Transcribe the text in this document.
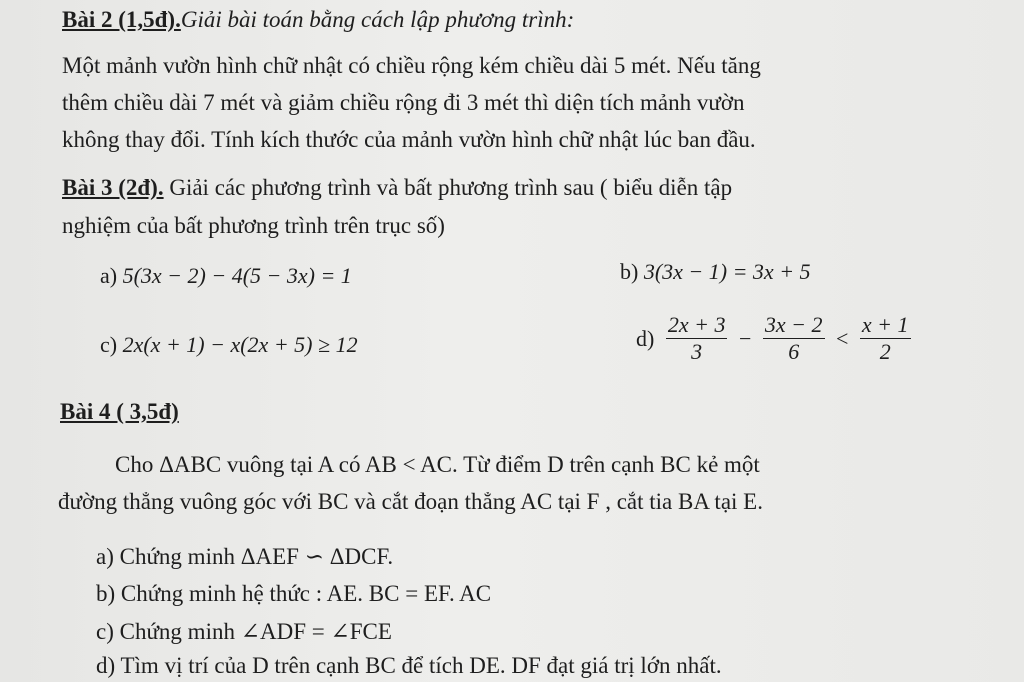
Bài 2 (1,5đ).Giải bài toán bằng cách lập phương trình:
Một mảnh vườn hình chữ nhật có chiều rộng kém chiều dài 5 mét. Nếu tăng
thêm chiều dài 7 mét và giảm chiều rộng đi 3 mét thì diện tích mảnh vườn
không thay đổi. Tính kích thước của mảnh vườn hình chữ nhật lúc ban đầu.
Bài 3 (2đ). Giải các phương trình và bất phương trình sau ( biểu diễn tập
nghiệm của bất phương trình trên trục số)
a) 5(3x − 2) − 4(5 − 3x) = 1	b) 3(3x − 1) = 3x + 5
c) 2x(x + 1) − x(2x + 5) ≥ 12	$d) \frac{2x + 3}{3} - \frac{3x - 2}{6} < \frac{x + 1}{2}$
Bài 4 ( 3,5đ)
Cho ΔABC vuông tại A có AB < AC. Từ điểm D trên cạnh BC kẻ một
đường thẳng vuông góc với BC và cắt đoạn thẳng AC tại F , cắt tia BA tại E.
a) Chứng minh ΔAEF ∽ ΔDCF.
b) Chứng minh hệ thức : AE. BC = EF. AC
c) Chứng minh ∠ADF = ∠FCE
d) Tìm vị trí của D trên cạnh BC để tích DE. DF đạt giá trị lớn nhất.
